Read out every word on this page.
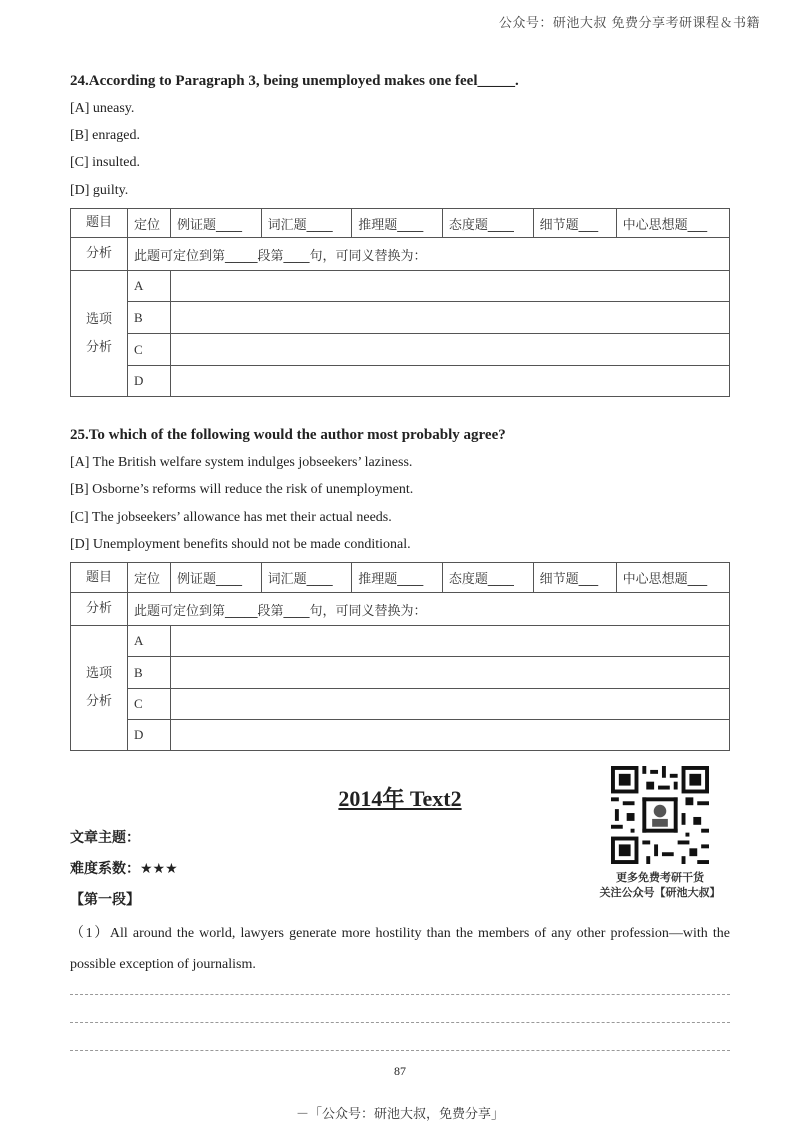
公众号：研池大叔 免费分享考研课程＆书籍
24.According to Paragraph 3, being unemployed makes one feel_____.
[A] uneasy.
[B] enraged.
[C] insulted.
[D] guilty.
题目	定位	例证题____	词汇题____	推理题____	态度题____	细节题___	中心思想题___
分析	此题可定位到第_____段第____句，可同义替换为：						

选项
分析	A						
	B						
	C						
	D						
25.To which of the following would the author most probably agree?
[A] The British welfare system indulges jobseekers’ laziness.
[B] Osborne’s reforms will reduce the risk of unemployment.
[C] The jobseekers’ allowance has met their actual needs.
[D] Unemployment benefits should not be made conditional.
题目	定位	例证题____	词汇题____	推理题____	态度题____	细节题___	中心思想题___
分析	此题可定位到第_____段第____句，可同义替换为：						

选项
分析	A						
	B						
	C						
	D						
2014年 Text2
更多免费考研干货
关注公众号【研池大叔】
文章主题：
难度系数：★★★
【第一段】
（1）All around the world, lawyers generate more hostility than the members of any other profession—with the possible exception of journalism.
87
－「公众号：研池大叔，免费分享」
